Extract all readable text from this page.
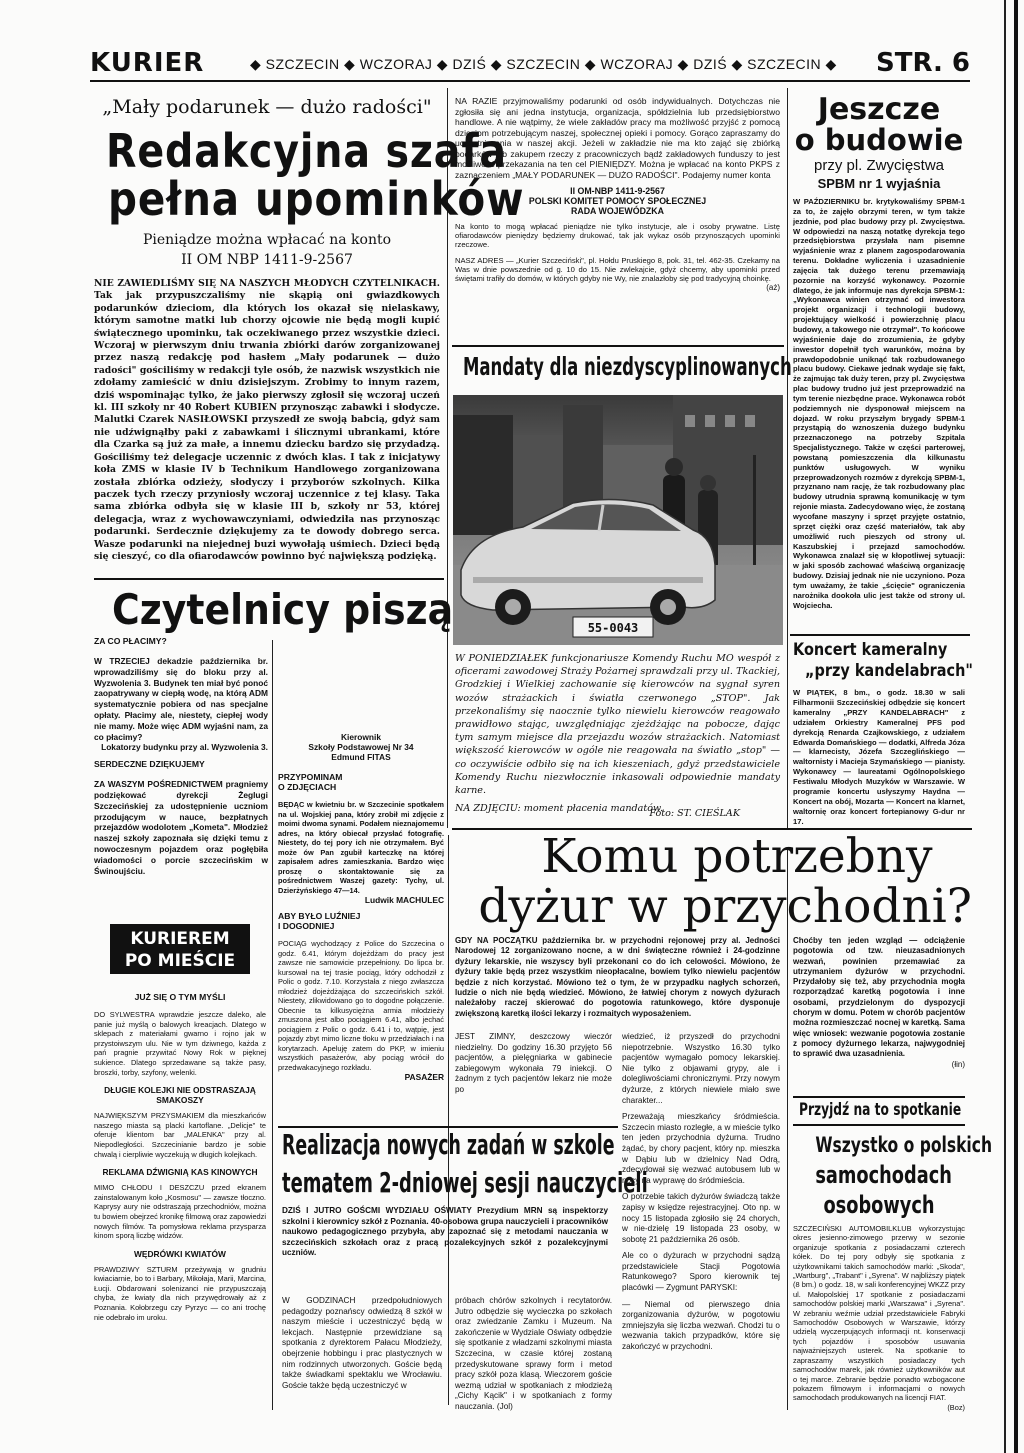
KURIER	◆ SZCZECIN ◆ WCZORAJ ◆ DZIŚ ◆ SZCZECIN ◆ WCZORAJ ◆ DZIŚ ◆ SZCZECIN ◆ STR. 6
„Mały podarunek — dużo radości"
Redakcyjna szafa
pełna upominków
Pieniądze można wpłacać na konto
II OM NBP 1411-9-2567
NIE ZAWIEDLIŚMY SIĘ NA NASZYCH MŁODYCH CZYTELNIKACH. Tak jak przypuszczaliśmy nie skąpią oni gwiazdkowych podarunków dzieciom, dla których los okazał się nielaskawy, którym samotne matki lub chorzy ojcowie nie będą mogli kupić świątecznego upominku, tak oczekiwanego przez wszystkie dzieci. Wczoraj w pierwszym dniu trwania zbiórki darów zorganizowanej przez naszą redakcję pod hasłem „Mały podarunek — dużo radości" gościliśmy w redakcji tyle osób, że nazwisk wszystkich nie zdołamy zamieścić w dniu dzisiejszym. Zrobimy to innym razem, dziś wspominając tylko, że jako pierwszy zgłosił się wczoraj uczeń kl. III szkoły nr 40 Robert KUBIEN przynosząc zabawki i słodycze. Malutki Czarek NASIŁOWSKI przyszedł ze swoją babcią, gdyż sam nie udźwignąłby paki z zabawkami i ślicznymi ubrankami, które dla Czarka są już za małe, a innemu dziecku bardzo się przydadzą. Gościliśmy też delegacje uczennic z dwóch klas. I tak z inicjatywy koła ZMS w klasie IV b Technikum Handlowego zorganizowana została zbiórka odzieży, słodyczy i przyborów szkolnych. Kilka paczek tych rzeczy przyniosły wczoraj uczennice z tej klasy. Taka sama zbiórka odbyła się w klasie III b, szkoły nr 53, której delegacja, wraz z wychowawczyniami, odwiedziła nas przynosząc podarunki. Serdecznie dziękujemy za te dowody dobrego serca. Wasze podarunki na niejednej buzi wywołają uśmiech. Dzieci będą się cieszyć, co dla ofiarodawców powinno być największą podzięką.
NA RAZIE przyjmowaliśmy podarunki od osób indywidualnych. Dotychczas nie zgłosiła się ani jedna instytucja, organizacja, spółdzielnia lub przedsiębiorstwo handlowe. A nie wątpimy, że wiele zakładów pracy ma możliwość przyjść z pomocą dzieciom potrzebującym naszej, społecznej opieki i pomocy. Gorąco zapraszamy do uczestniczenia w naszej akcji. Jeżeli w zakładzie nie ma kto zająć się zbiórką podarków lub zakupem rzeczy z pracowniczych bądź zakładowych funduszy to jest możliwość przekazania na ten cel PIENIĘDZY. Można je wpłacać na konto PKPS z zaznaczeniem „MAŁY PODARUNEK — DUŻO RADOŚCI". Podajemy numer konta
II OM-NBP 1411-9-2567
POLSKI KOMITET POMOCY SPOŁECZNEJ
RADA WOJEWÓDZKA
Na konto to mogą wpłacać pieniądze nie tylko instytucje, ale i osoby prywatne. Listę ofiarodawców pieniędzy będziemy drukować, tak jak wykaz osób przynoszących upominki rzeczowe.
NASZ ADRES — „Kurier Szczeciński", pl. Hołdu Pruskiego 8, pok. 31, tel. 462-35. Czekamy na Was w dnie powszednie od g. 10 do 15. Nie zwlekajcie, gdyż chcemy, aby upominki przed świętami trafiły do domów, w których gdyby nie Wy, nie znalazłoby się pod tradycyjną choinkę.
(aż)
Mandaty dla niezdyscyplinowanych
55-0043
W PONIEDZIAŁEK funkcjonariusze Komendy Ruchu MO wespół z oficerami zawodowej Straży Pożarnej sprawdzali przy ul. Tkackiej, Grodzkiej i Wielkiej zachowanie się kierowców na sygnał syren wozów strażackich i światła czerwonego „STOP". Jak przekonaliśmy się naocznie tylko niewielu kierowców reagowało prawidłowo stając, uwzględniając zjeżdżając na pobocze, dając tym samym miejsce dla przejazdu wozów strażackich. Natomiast większość kierowców w ogóle nie reagowała na światło „stop" — co oczywiście odbiło się na ich kieszeniach, gdyż przedstawiciele Komendy Ruchu niezwłocznie inkasowali odpowiednie mandaty karne.
NA ZDJĘCIU: moment płacenia mandatów.
Foto: ST. CIEŚLAK
Jeszcze
o budowie
przy pl. Zwycięstwa
SPBM nr 1 wyjaśnia
W PAŹDZIERNIKU br. krytykowaliśmy SPBM-1 za to, że zajęło obrzymi teren, w tym także jezdnie, pod plac budowy przy pl. Zwycięstwa. W odpowiedzi na naszą notatkę dyrekcja tego przedsiębiorstwa przysłała nam pisemne wyjaśnienie wraz z planem zagospodarowania terenu. Dokładne wyliczenia i uzasadnienie zajęcia tak dużego terenu przemawiają pozornie na korzyść wykonawcy. Pozornie dlatego, że jak informuje nas dyrekcja SPBM-1: „Wykonawca winien otrzymać od inwestora projekt organizacji i technologii budowy, projektujący wielkość i powierzchnię placu budowy, a takowego nie otrzymał". To końcowe wyjaśnienie daje do zrozumienia, że gdyby inwestor dopełnił tych warunków, można by prawdopodobnie uniknąć tak rozbudowanego placu budowy. Ciekawe jednak wydaje się fakt, że zajmując tak duży teren, przy pl. Zwycięstwa plac budowy trudno już jest przeprowadzić na tym terenie niezbędne prace. Wykonawca robót podziemnych nie dysponował miejscem na dojazd. W roku przyszłym brygady SPBM-1 przystąpią do wznoszenia dużego budynku przeznaczonego na potrzeby Szpitala Specjalistycznego. Także w części parterowej, powstaną pomieszczenia dla kilkunastu punktów usługowych. W wyniku przeprowadzonych rozmów z dyrekcją SPBM-1, przyznano nam rację, że tak rozbudowany plac budowy utrudnia sprawną komunikację w tym rejonie miasta. Zadecydowano więc, że zostaną wycofane maszyny i sprzęt przyjęte ostatnio, sprzęt ciężki oraz część materiałów, tak aby umożliwić ruch pieszych od strony ul. Kaszubskiej i przejazd samochodów. Wykonawca znalazł się w kłopotliwej sytuacji: w jaki sposób zachować właściwą organizację budowy. Dzisiaj jednak nie nie uczyniono. Poza tym uważamy, że takie „ścięcie" ograniczenia narożnika dookoła ulic jest także od strony ul. Wojciecha.
Koncert kameralny
„przy kandelabrach"
W PIĄTEK, 8 bm., o godz. 18.30 w sali Filharmonii Szczecińskiej odbędzie się koncert kameralny „PRZY KANDELABRACH" z udziałem Orkiestry Kameralnej PFS pod dyrekcją Renarda Czajkowskiego, z udziałem Edwarda Domańskiego — dodatki, Alfreda Józa — klarnecisty, Józefa Szczeglińskiego — waltornisty i Macieja Szymańskiego — pianisty. Wykonawcy — laureatami Ogólnopolskiego Festiwalu Młodych Muzyków w Warszawie. W programie koncertu usłyszymy Haydna — Koncert na obój, Mozarta — Koncert na klarnet, waltornię oraz koncert fortepianowy G-dur nr 17.
Czytelnicy piszą
ZA CO PŁACIMY?
W TRZECIEJ dekadzie października br. wprowadziliśmy się do bloku przy al. Wyzwolenia 3. Budynek ten miał być ponoć zaopatrywany w ciepłą wodę, na którą ADM systematycznie pobiera od nas specjalne opłaty. Płacimy ale, niestety, ciepłej wody nie mamy. Może więc ADM wyjaśni nam, za co płacimy?
Lokatorzy budynku przy al. Wyzwolenia 3.
SERDECZNE DZIĘKUJEMY
ZA WASZYM POŚREDNICTWEM pragniemy podziękować dyrekcji Żeglugi Szczecińskiej za udostępnienie uczniom przodującym w nauce, bezpłatnych przejazdów wodolotem „Kometa". Młodzież naszej szkoły zapoznała się dzięki temu z nowoczesnym pojazdem oraz pogłębiła wiadomości o porcie szczecińskim w Świnoujściu.
Kierownik
Szkoły Podstawowej Nr 34
Edmund FITAS
PRZYPOMINAM
O ZDJĘCIACH
BĘDĄC w kwietniu br. w Szczecinie spotkałem na ul. Wojskiej pana, który zrobił mi zdjęcie z moimi dwoma synami. Podałem nieznajomemu adres, na który obiecał przysłać fotografię. Niestety, do tej pory ich nie otrzymałem. Być może ów Pan zgubił karteczkę na której zapisałem adres zamieszkania. Bardzo więc proszę o skontaktowanie się za pośrednictwem Waszej gazety: Tychy, ul. Dzierżyńskiego 47—14.
Ludwik MACHULEC
ABY BYŁO LUŹNIEJ
I DOGODNIEJ
POCIĄG wychodzący z Police do Szczecina o godz. 6.41, którym dojeżdżam do pracy jest zawsze nie samowicie przepełniony. Do lipca br. kursował na tej trasie pociąg, który odchodził z Polic o godz. 7.10. Korzystała z niego zwłaszcza młodzież dojeżdżająca do szczecińskich szkół. Niestety, zlikwidowano go to dogodne połączenie. Obecnie ta kilkusyciężna armia młodzieży zmuszona jest albo pociągiem 6.41, albo jechać pociągiem z Polic o godz. 6.41 i to, wątpię, jest pojazdy zbyt mimo liczne tłoku w przedziałach i na korytarzach. Apeluję zatem do PKP, w imieniu wszystkich pasażerów, aby pociąg wrócił do przedwakacyjnego rozkładu.
PASAŻER
KURIEREM
PO MIEŚCIE
JUŻ SIĘ O TYM MYŚLI
DO SYLWESTRA wprawdzie jeszcze daleko, ale panie już myślą o balowych kreacjach. Dlatego w sklepach z materiałami gwarno i rojno jak w przystoiwszym ulu. Nie w tym dziwnego, każda z pań pragnie przywitać Nowy Rok w pięknej sukience. Dlatego sprzedawane są także pasy, broszki, torby, szyfony, welenki.
DŁUGIE KOLEJKI NIE ODSTRASZAJĄ SMAKOSZY
NAJWIĘKSZYM PRZYSMAKIEM dla mieszkańców naszego miasta są placki kartoflane. „Delicje" te oferuje klientom bar „MALENKA" przy al. Niepodległości. Szczecinianie bardzo je sobie chwalą i cierpliwie wyczekują w długich kolejkach.
REKLAMA DŹWIGNIĄ KAS KINOWYCH
MIMO CHŁODU I DESZCZU przed ekranem zainstalowanym koło „Kosmosu" — zawsze tłoczno. Kaprysy aury nie odstraszają przechodniów, można tu bowiem obejrzeć kronikę filmową oraz zapowiedzi nowych filmów. Ta pomysłowa reklama przysparza kinom sporą liczbę widzów.
WĘDRÓWKI KWIATÓW
PRAWDZIWY SZTURM przeżywają w grudniu kwiaciarnie, bo to i Barbary, Mikołaja, Marii, Marcina, Łucji. Obdarowani solenizanci nie przypuszczają chyba, że kwiaty dla nich przywędrowały aż z Poznania. Kołobrzegu czy Pyrzyc — co ani trochę nie odebrało im uroku.
Komu potrzebny
dyżur w przychodni?
GDY NA POCZĄTKU października br. w przychodni rejonowej przy al. Jedności Narodowej 12 zorganizowano nocne, a w dni świąteczne również i 24-godzinne dyżury lekarskie, nie wszyscy byli przekonani co do ich celowości. Mówiono, że dyżury takie będą przez wszystkim nieopłacalne, bowiem tylko niewielu pacjentów będzie z nich korzystać. Mówiono też o tym, że w przypadku nagłych schorzeń, ludzie o nich nie będą wiedzieć. Mówiono, że łatwiej chorym z nowych dyżurach należałoby raczej skierować do pogotowia ratunkowego, które dysponuje zwiększoną karetką ilości lekarzy i rozmaitych wyposażeniem.
JEST ZIMNY, deszczowy wieczór niedzielny. Do godziny 16.30 przyjęto 56 pacjentów, a pielęgniarka w gabinecie zabiegowym wykonała 79 iniekcji. O żadnym z tych pacjentów lekarz nie może po
wiedzieć, iż przyszedł do przychodni niepotrzebnie. Wszystko 16.30 tylko pacjentów wymagało pomocy lekarskiej. Nie tylko z objawami grypy, ale i dolegliwościami chronicznymi. Przy nowym dyżurze, z których niewiele miało swe charakter...
Przeważają mieszkańcy śródmieścia. Szczecin miasto rozległe, a w mieście tylko ten jeden przychodnia dyżurna. Trudno żądać, by chory pacjent, który np. mieszka w Dąbiu lub w dzielnicy Nad Odrą, zdecydował się wezwać autobusem lub w nocy na wyprawę do śródmieścia.
O potrzebie takich dyżurów świadczą także zapisy w księdze rejestracyjnej. Oto np. w nocy 15 listopada zgłosiło się 24 chorych, w nie-dzielę 19 listopada 23 osoby, w sobotę 21 października 26 osób.
Ale co o dyżurach w przychodni sądzą przedstawiciele Stacji Pogotowia Ratunkowego? Sporo kierownik tej placówki — Zygmunt PARYSKI:
— Niemal od pierwszego dnia zorganizowania dyżurów, w pogotowiu zmniejszyła się liczba wezwań. Chodzi tu o wezwania takich przypadków, które się zakończyć w przychodni.
Choćby ten jeden wzgląd — odciążenie pogotowia od tzw. nieuzasadnionych wezwań, powinien przemawiać za utrzymaniem dyżurów w przychodni. Przydałoby się też, aby przychodnia mogła rozporządzać karetką pogotowia i inne osobami, przydzielonym do dyspozycji chorym w domu. Potem w chorób pacjentów można rozmieszczać nocnej w karetką. Sama więc wniosek: wezwanie pogotowia zostanie z pomocy dyżurnego lekarza, najwygodniej to sprawić dwa uzasadnienia.
(łin)
Realizacja nowych zadań w szkole
tematem 2-dniowej sesji nauczycieli
DZIŚ I JUTRO GOŚCMI WYDZIAŁU OŚWIATY Prezydium MRN są inspektorzy szkolni i kierownicy szkół z Poznania. 40-osobowa grupa nauczycieli i pracowników naukowo pedagogicznego przybyła, aby zapoznać się z metodami nauczania w szczecińskich szkołach oraz z pracą pozalekcyjnych szkół z pozalekcyjnymi uczniów.
W GODZINACH przedpołudniowych pedagodzy poznańscy odwiedzą 8 szkół w naszym mieście i uczestniczyć będą w lekcjach. Następnie przewidziane są spotkania z dyrektorem Pałacu Młodzieży, obejrzenie hobbingu i prac plastycznych w nim rodzinnych utworzonych. Goście będą także świadkami spektaklu we Wrocławiu. Goście także będą uczestniczyć w
próbach chórów szkolnych i recytatorów. Jutro odbędzie się wycieczka po szkołach oraz zwiedzanie Zamku i Muzeum. Na zakończenie w Wydziale Oświaty odbędzie się spotkanie z władzami szkolnymi miasta Szczecina, w czasie której zostaną przedyskutowane sprawy form i metod pracy szkół poza klasą. Wieczorem goście wezmą udział w spotkaniach z młodzieżą „Cichy Kącik" i w spotkaniach z formy nauczania. (Jol)
Przyjdź na to spotkanie
Wszystko o polskich
samochodach
osobowych
SZCZECIŃSKI AUTOMOBILKLUB wykorzystując okres jesienno-zimowego przerwy w sezonie organizuje spotkania z posiadaczami czterech kółek. Do tej pory odbyły się spotkania z użytkownikami takich samochodów marki: „Skoda", „Wartburg", „Trabant" i „Syrena". W najbliższy piątek (8 bm.) o godz. 18, w sali konferencyjnej WKZZ przy ul. Małopolskiej 17 spotkanie z posiadaczami samochodów polskiej marki „Warszawa" i „Syrena". W zebraniu weźmie udział przedstawiciele Fabryki Samochodów Osobowych w Warszawie, którzy udzielą wyczerpujących informacji nt. konserwacji tych pojazdów i sposobów usuwania najważniejszych usterek. Na spotkanie to zapraszamy wszystkich posiadaczy tych samochodów marek, jak również użytkowników aut o tej marce. Zebranie będzie ponadto wzbogacone pokazem filmowym i informacjami o nowych samochodach produkowanych na licencji FIAT.
(Boz)
